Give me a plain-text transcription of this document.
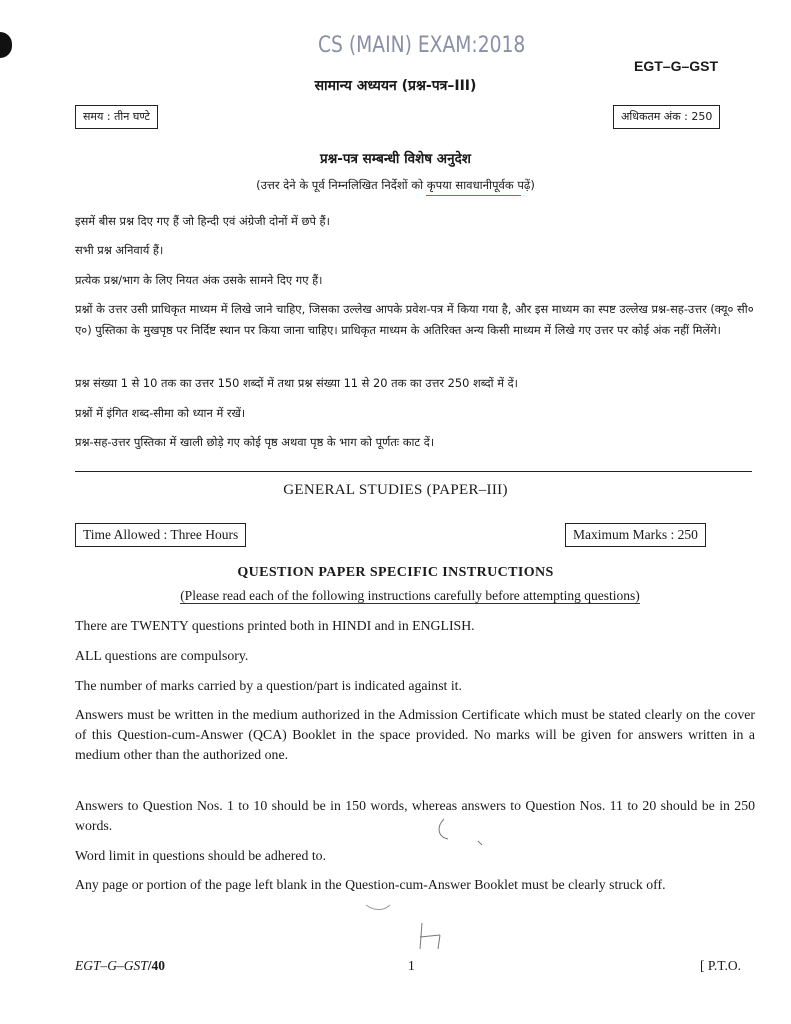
CS (MAIN) EXAM:2018
EGT–G–GST
सामान्य अध्ययन (प्रश्न-पत्र–III)
समय : तीन घण्टे	अधिकतम अंक : 250
प्रश्न-पत्र सम्बन्धी विशेष अनुदेश
(उत्तर देने के पूर्व निम्नलिखित निर्देशों को कृपया सावधानीपूर्वक पढ़ें)
इसमें बीस प्रश्न दिए गए हैं जो हिन्दी एवं अंग्रेजी दोनों में छपे हैं।
सभी प्रश्न अनिवार्य हैं।
प्रत्येक प्रश्न/भाग के लिए नियत अंक उसके सामने दिए गए हैं।
प्रश्नों के उत्तर उसी प्राधिकृत माध्यम में लिखे जाने चाहिए, जिसका उल्लेख आपके प्रवेश-पत्र में किया गया है, और इस माध्यम का स्पष्ट उल्लेख प्रश्न-सह-उत्तर (क्यू० सी० ए०) पुस्तिका के मुखपृष्ठ पर निर्दिष्ट स्थान पर किया जाना चाहिए। प्राधिकृत माध्यम के अतिरिक्त अन्य किसी माध्यम में लिखे गए उत्तर पर कोई अंक नहीं मिलेंगे।
प्रश्न संख्या 1 से 10 तक का उत्तर 150 शब्दों में तथा प्रश्न संख्या 11 से 20 तक का उत्तर 250 शब्दों में दें।
प्रश्नों में इंगित शब्द-सीमा को ध्यान में रखें।
प्रश्न-सह-उत्तर पुस्तिका में खाली छोड़े गए कोई पृष्ठ अथवा पृष्ठ के भाग को पूर्णतः काट दें।
GENERAL STUDIES (PAPER–III)
Time Allowed : Three Hours	Maximum Marks : 250
QUESTION PAPER SPECIFIC INSTRUCTIONS
(Please read each of the following instructions carefully before attempting questions)
There are TWENTY questions printed both in HINDI and in ENGLISH.
ALL questions are compulsory.
The number of marks carried by a question/part is indicated against it.
Answers must be written in the medium authorized in the Admission Certificate which must be stated clearly on the cover of this Question-cum-Answer (QCA) Booklet in the space provided. No marks will be given for answers written in a medium other than the authorized one.
Answers to Question Nos. 1 to 10 should be in 150 words, whereas answers to Question Nos. 11 to 20 should be in 250 words.
Word limit in questions should be adhered to.
Any page or portion of the page left blank in the Question-cum-Answer Booklet must be clearly struck off.
EGT–G–GST/40	1	[ P.T.O.
